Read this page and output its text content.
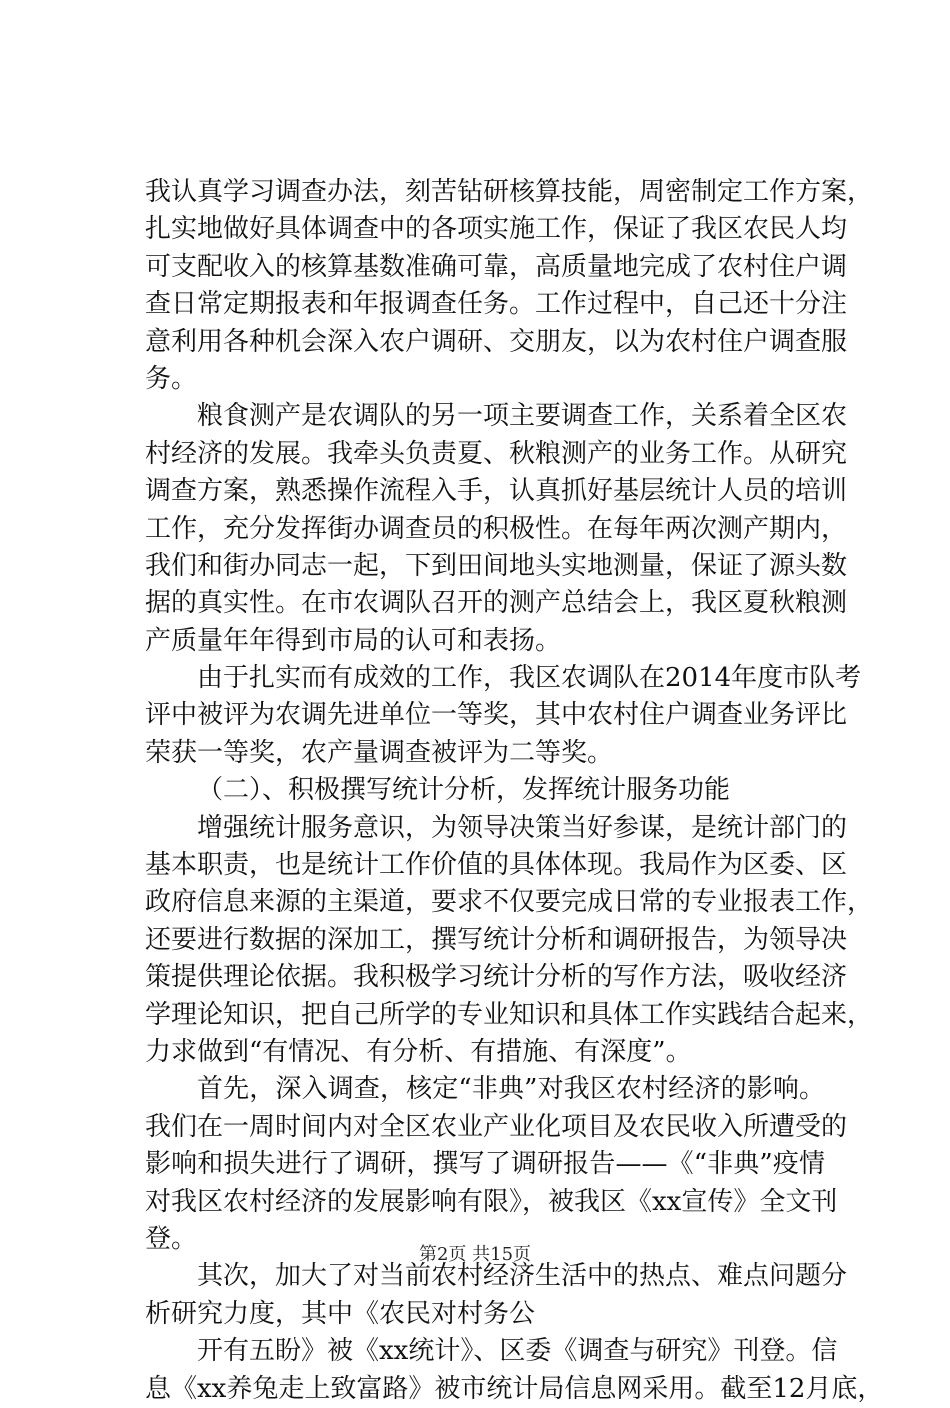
我认真学习调查办法，刻苦钻研核算技能，周密制定工作方案，
扎实地做好具体调查中的各项实施工作，保证了我区农民人均
可支配收入的核算基数准确可靠，高质量地完成了农村住户调
查日常定期报表和年报调查任务。工作过程中，自己还十分注
意利用各种机会深入农户调研、交朋友，以为农村住户调查服
务。
粮食测产是农调队的另一项主要调查工作，关系着全区农
村经济的发展。我牵头负责夏、秋粮测产的业务工作。从研究
调查方案，熟悉操作流程入手，认真抓好基层统计人员的培训
工作，充分发挥街办调查员的积极性。在每年两次测产期内，
我们和街办同志一起，下到田间地头实地测量，保证了源头数
据的真实性。在市农调队召开的测产总结会上，我区夏秋粮测
产质量年年得到市局的认可和表扬。
由于扎实而有成效的工作，我区农调队在2014年度市队考
评中被评为农调先进单位一等奖，其中农村住户调查业务评比
荣获一等奖，农产量调查被评为二等奖。
（二）、积极撰写统计分析，发挥统计服务功能
增强统计服务意识，为领导决策当好参谋，是统计部门的
基本职责，也是统计工作价值的具体体现。我局作为区委、区
政府信息来源的主渠道，要求不仅要完成日常的专业报表工作，
还要进行数据的深加工，撰写统计分析和调研报告，为领导决
策提供理论依据。我积极学习统计分析的写作方法，吸收经济
学理论知识，把自己所学的专业知识和具体工作实践结合起来，
力求做到“有情况、有分析、有措施、有深度”。
首先，深入调查，核定“非典”对我区农村经济的影响。
我们在一周时间内对全区农业产业化项目及农民收入所遭受的
影响和损失进行了调研，撰写了调研报告——《“非典”疫情
对我区农村经济的发展影响有限》，被我区《xx宣传》全文刊
登。
其次，加大了对当前农村经济生活中的热点、难点问题分
析研究力度，其中《农民对村务公
开有五盼》被《xx统计》、区委《调查与研究》刊登。信
息《xx养兔走上致富路》被市统计局信息网采用。截至12月底，
第2页 共15页
